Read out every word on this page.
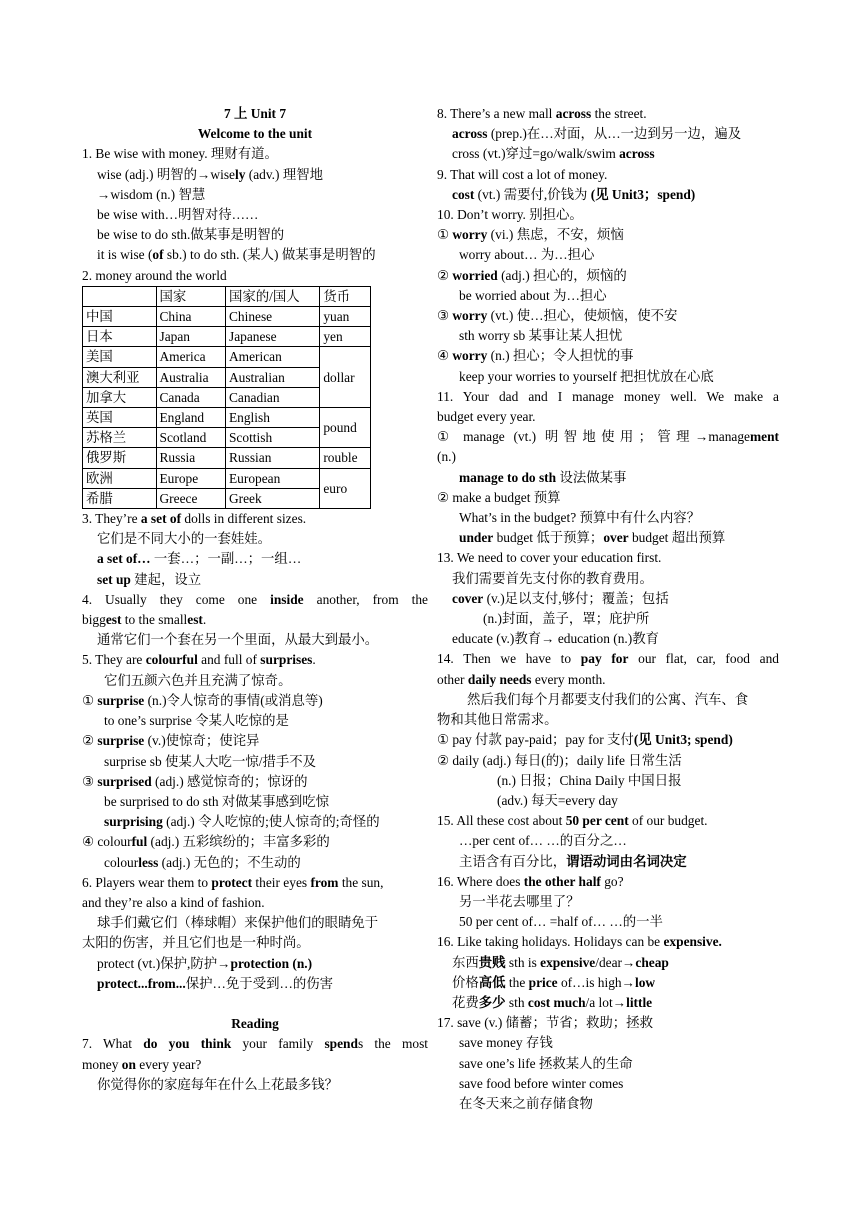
7 上 Unit 7
Welcome to the unit
1. Be wise with money. 理财有道。
wise (adj.) 明智的→wisely (adv.) 理智地
→wisdom (n.) 智慧
be wise with…明智对待……
be wise to do sth.做某事是明智的
it is wise (of sb.) to do sth. (某人) 做某事是明智的
2. money around the world
	国家	国家的/国人	货币
中国	China	Chinese	yuan
日本	Japan	Japanese	yen
美国	America	American	dollar
澳大利亚	Australia	Australian	
加拿大	Canada	Canadian	
英国	England	English	pound
苏格兰	Scotland	Scottish	
俄罗斯	Russia	Russian	rouble
欧洲	Europe	European	euro
希腊	Greece	Greek	
3. They’re a set of dolls in different sizes.
它们是不同大小的一套娃娃。
a set of… 一套…；一副…；一组…
set up 建起，设立
4. Usually they come one inside another, from the
biggest to the smallest.
通常它们一个套在另一个里面，从最大到最小。
5. They are colourful and full of surprises.
它们五颜六色并且充满了惊奇。
① surprise (n.)令人惊奇的事情(或消息等)
to one’s surprise 令某人吃惊的是
② surprise (v.)使惊奇；使诧异
surprise sb 使某人大吃一惊/措手不及
③ surprised (adj.) 感觉惊奇的；惊讶的
be surprised to do sth 对做某事感到吃惊
surprising (adj.) 令人吃惊的;使人惊奇的;奇怪的
④ colourful (adj.) 五彩缤纷的；丰富多彩的
colourless (adj.) 无色的；不生动的
6. Players wear them to protect their eyes from the sun,
and they’re also a kind of fashion.
球手们戴它们（棒球帽）来保护他们的眼睛免于
太阳的伤害，并且它们也是一种时尚。
protect (vt.)保护,防护→protection (n.)
protect...from...保护…免于受到…的伤害
Reading
7. What do you think your family spends the most
money on every year?
你觉得你的家庭每年在什么上花最多钱？
8. There’s a new mall across the street.
across (prep.)在…对面，从…一边到另一边，遍及
cross (vt.)穿过=go/walk/swim across
9. That will cost a lot of money.
cost (vt.) 需要付,价钱为 (见 Unit3；spend)
10. Don’t worry. 别担心。
① worry (vi.) 焦虑，不安，烦恼
worry about… 为…担心
② worried (adj.) 担心的，烦恼的
be worried about 为…担心
③ worry (vt.) 使…担心，使烦恼，使不安
sth worry sb 某事让某人担忧
④ worry (n.) 担心；令人担忧的事
keep your worries to yourself 把担忧放在心底
11. Your dad and I manage money well. We make a
budget every year.
① manage (vt.) 明智地使用；管理→management
(n.)
manage to do sth 设法做某事
② make a budget 预算
What’s in the budget? 预算中有什么内容？
under budget 低于预算；over budget 超出预算
13. We need to cover your education first.
我们需要首先支付你的教育费用。
cover (v.)足以支付,够付；覆盖；包括
(n.)封面，盖子，罩；庇护所
educate (v.)教育→ education (n.)教育
14. Then we have to pay for our flat, car, food and
other daily needs every month.
然后我们每个月都要支付我们的公寓、汽车、食
物和其他日常需求。
① pay 付款 pay-paid；pay for 支付(见 Unit3; spend)
② daily (adj.) 每日(的)；daily life 日常生活
(n.) 日报；China Daily 中国日报
(adv.) 每天=every day
15. All these cost about 50 per cent of our budget.
…per cent of… …的百分之…
主语含有百分比，谓语动词由名词决定
16. Where does the other half go?
另一半花去哪里了？
50 per cent of… =half of… …的一半
16. Like taking holidays. Holidays can be expensive.
东西贵贱 sth is expensive/dear→cheap
价格高低 the price of…is high→low
花费多少 sth cost much/a lot→little
17. save (v.) 储蓄；节省；救助；拯救
save money 存钱
save one’s life 拯救某人的生命
save food before winter comes
在冬天来之前存储食物
